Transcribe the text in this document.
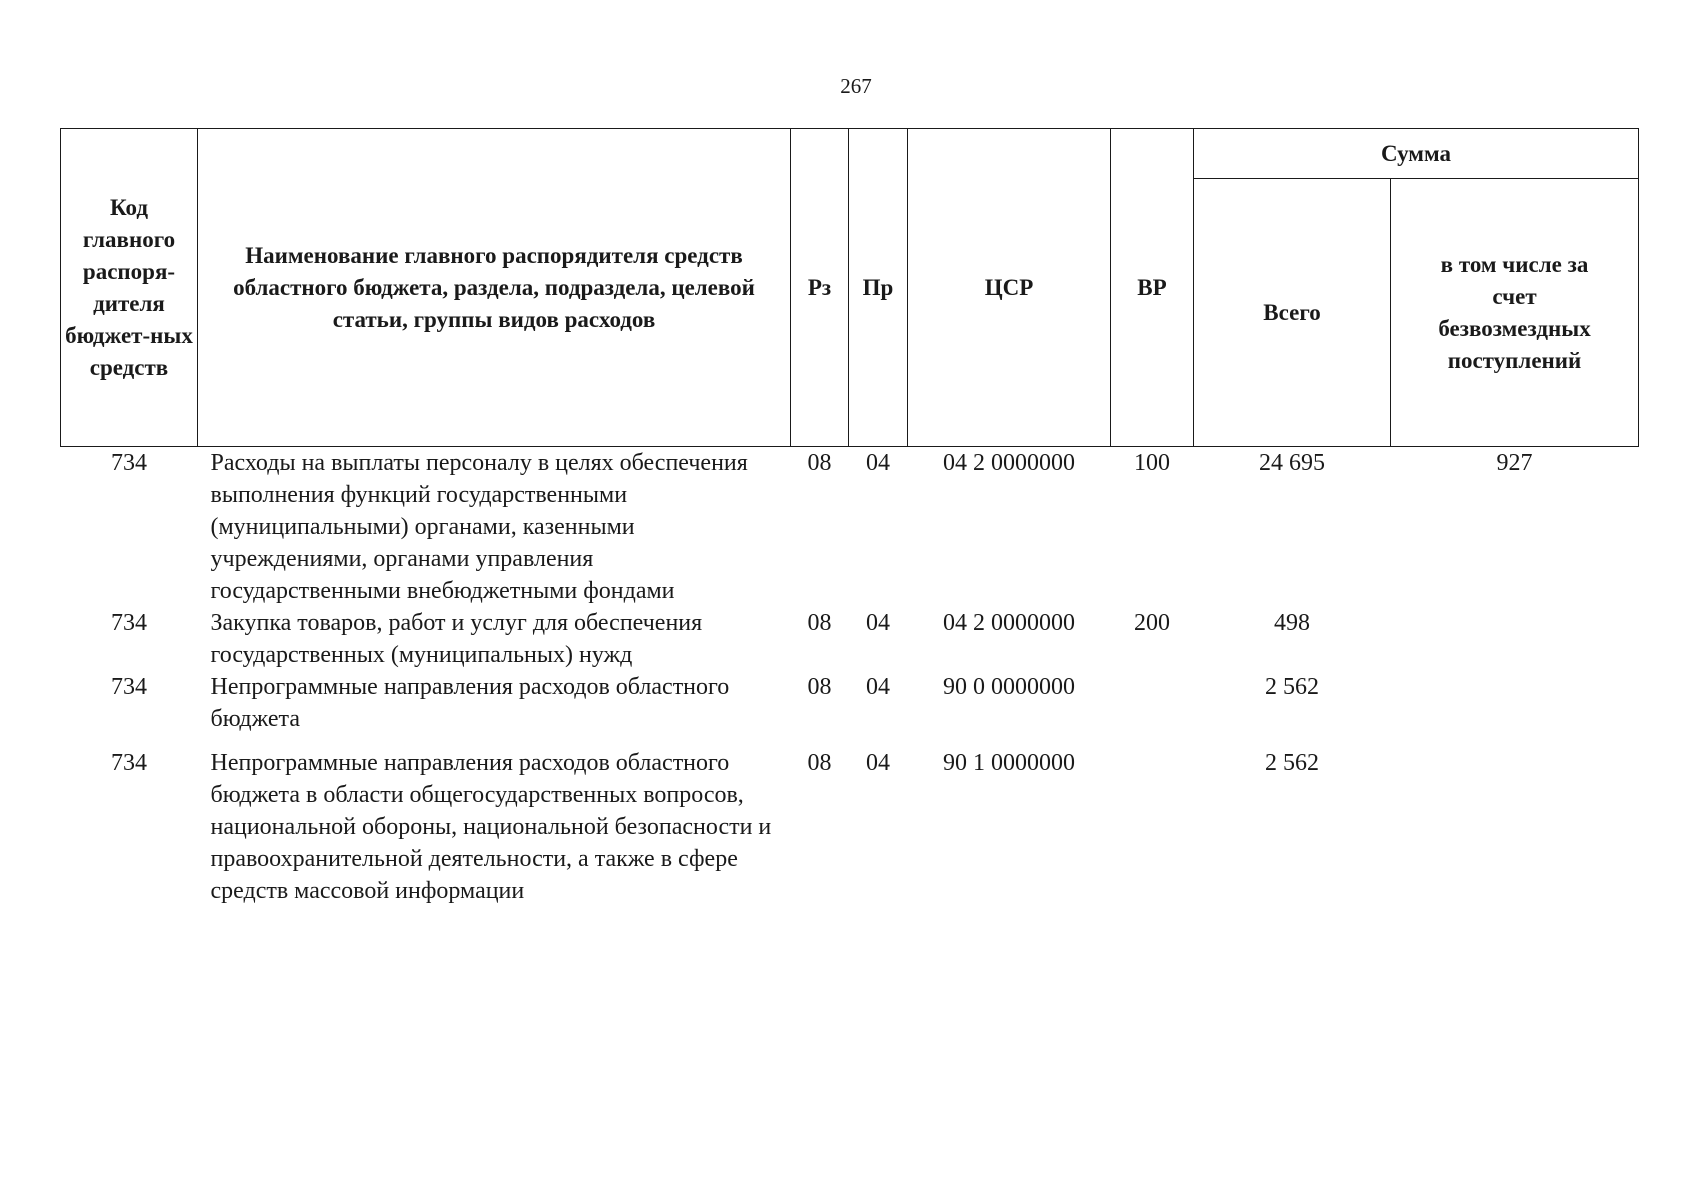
267
Код главного распоря-дителя бюджет-ных средств	Наименование главного распорядителя средств областного бюджета, раздела, подраздела, целевой статьи, группы видов расходов	Рз	Пр	ЦСР	ВР	Сумма	
						Всего	в том числе за счет безвозмездных поступлений
734	Расходы на выплаты персоналу в целях обеспечения выполнения функций государственными (муниципальными) органами, казенными учреждениями, органами управления государственными внебюджетными фондами	08	04	04 2 0000000	100	24 695	927
734	Закупка товаров, работ и услуг для обеспечения государственных (муниципальных) нужд	08	04	04 2 0000000	200	498	
734	Непрограммные направления расходов областного бюджета	08	04	90 0 0000000		2 562	
734	Непрограммные направления расходов областного бюджета в области общегосударственных вопросов, национальной обороны, национальной безопасности и правоохранительной деятельности, а также в сфере средств массовой информации	08	04	90 1 0000000		2 562	
